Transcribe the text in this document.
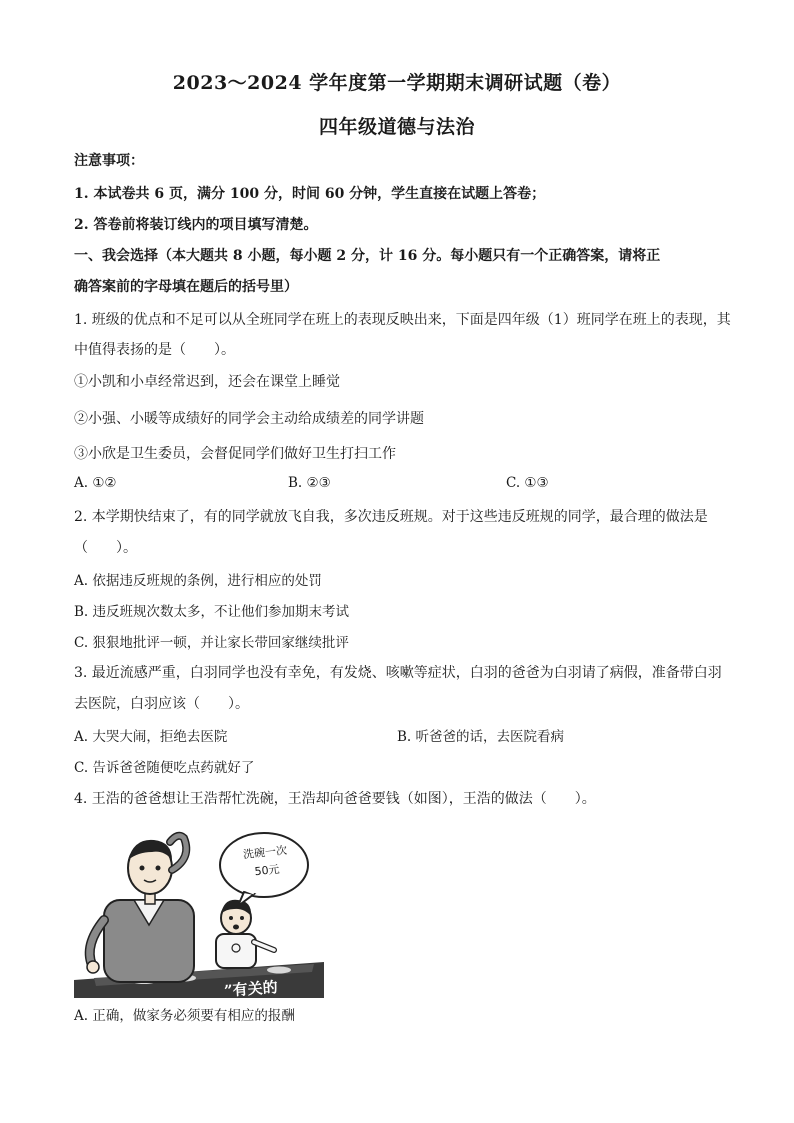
2023～2024 学年度第一学期期末调研试题（卷）
四年级道德与法治
注意事项：
1. 本试卷共 6 页，满分 100 分，时间 60 分钟，学生直接在试题上答卷；
2. 答卷前将装订线内的项目填写清楚。
一、我会选择（本大题共 8 小题，每小题 2 分，计 16 分。每小题只有一个正确答案，请将正
确答案前的字母填在题后的括号里）
1. 班级的优点和不足可以从全班同学在班上的表现反映出来，下面是四年级（1）班同学在班上的表现，其
中值得表扬的是（　　）。
①小凯和小卓经常迟到，还会在课堂上睡觉
②小强、小暖等成绩好的同学会主动给成绩差的同学讲题
③小欣是卫生委员，会督促同学们做好卫生打扫工作
A. ①②	B. ②③	C. ①③
2. 本学期快结束了，有的同学就放飞自我，多次违反班规。对于这些违反班规的同学，最合理的做法是
（　　）。
A. 依据违反班规的条例，进行相应的处罚
B. 违反班规次数太多，不让他们参加期末考试
C. 狠狠地批评一顿，并让家长带回家继续批评
3. 最近流感严重，白羽同学也没有幸免，有发烧、咳嗽等症状，白羽的爸爸为白羽请了病假，准备带白羽
去医院，白羽应该（　　）。
A. 大哭大闹，拒绝去医院	B. 听爸爸的话，去医院看病
C. 告诉爸爸随便吃点药就好了
4. 王浩的爸爸想让王浩帮忙洗碗，王浩却向爸爸要钱（如图），王浩的做法（　　）。
洗碗一次
50元
”有关的
A. 正确，做家务必须要有相应的报酬
